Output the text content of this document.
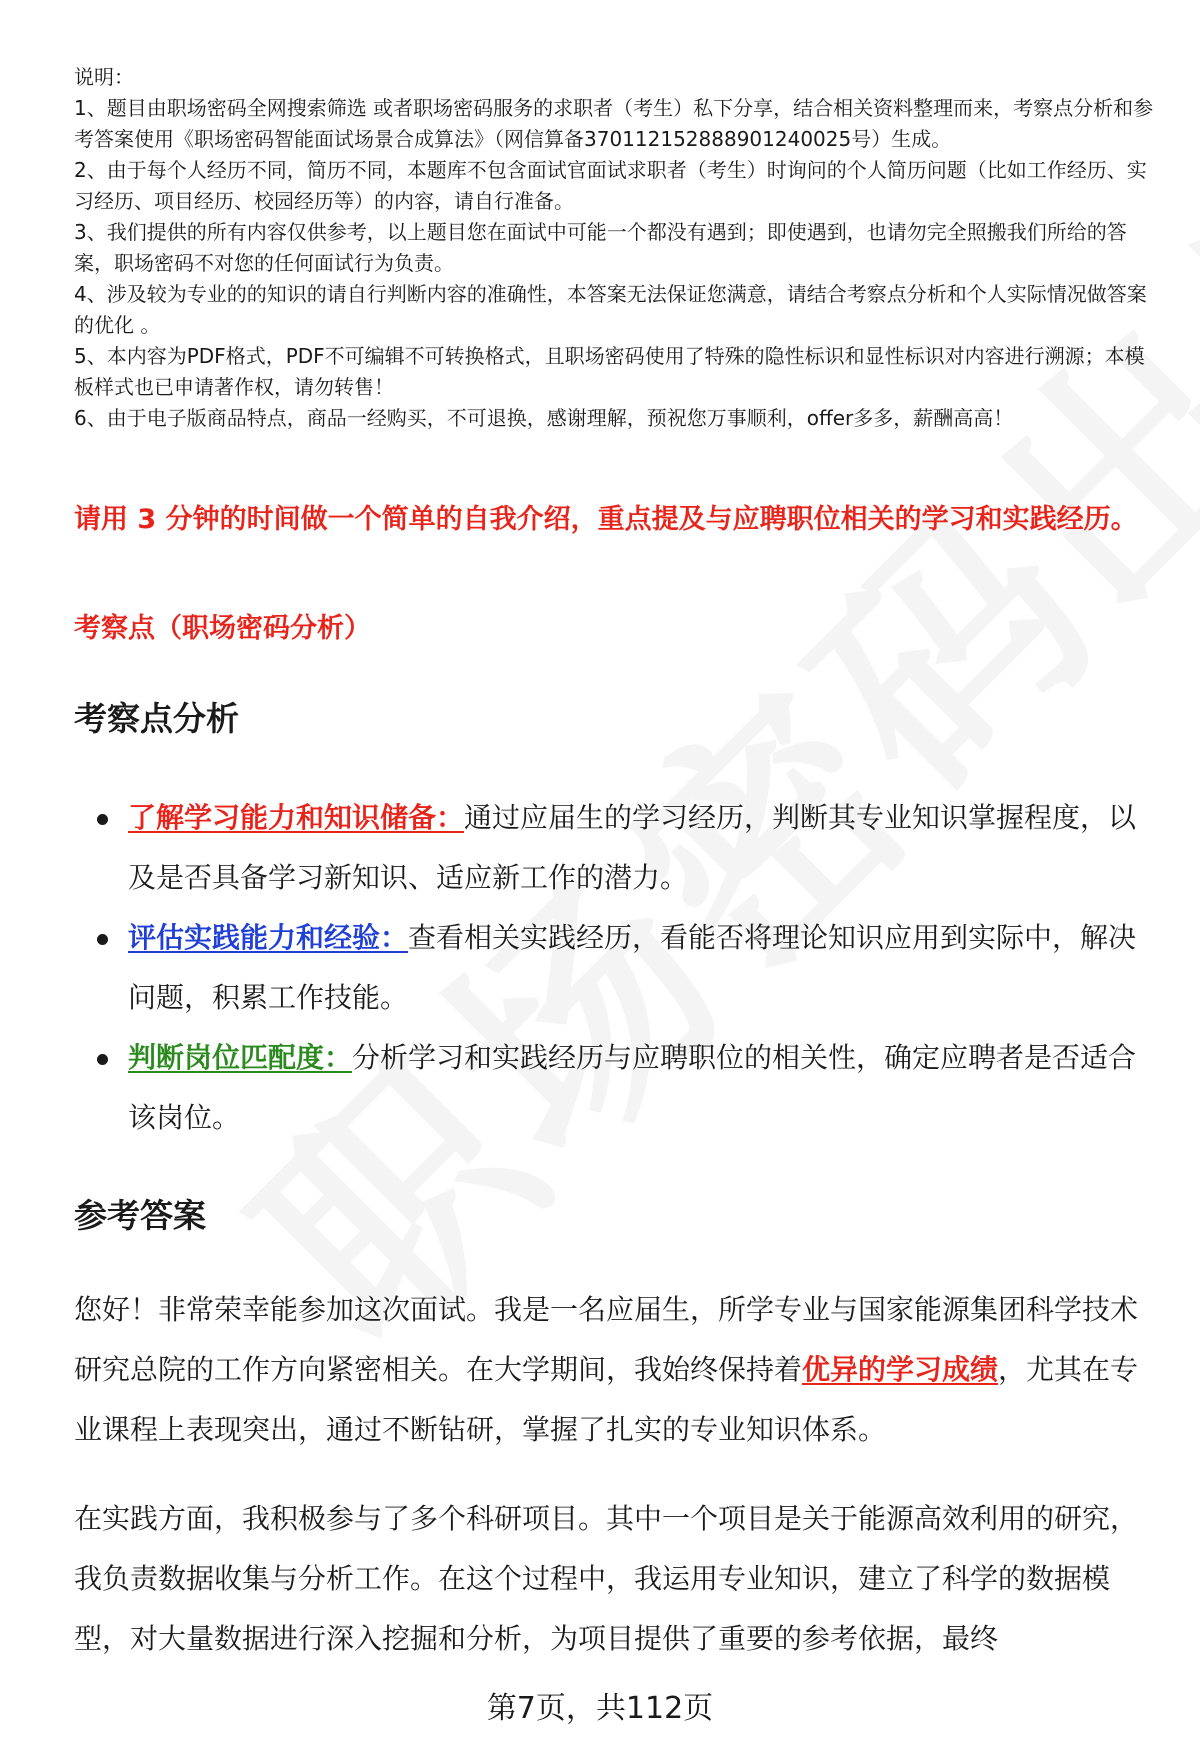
说明：

1、题目由职场密码全网搜索筛选 或者职场密码服务的求职者（考生）私下分享，结合相关资料整理而来，考察点分析和参考答案使用《职场密码智能面试场景合成算法》（网信算备370112152888901240025号）生成。

2、由于每个人经历不同，简历不同，本题库不包含面试官面试求职者（考生）时询问的个人简历问题（比如工作经历、实习经历、项目经历、校园经历等）的内容，请自行准备。

3、我们提供的所有内容仅供参考，以上题目您在面试中可能一个都没有遇到；即使遇到，也请勿完全照搬我们所给的答案，职场密码不对您的任何面试行为负责。

4、涉及较为专业的的知识的请自行判断内容的准确性，本答案无法保证您满意，请结合考察点分析和个人实际情况做答案的优化 。

5、本内容为PDF格式，PDF不可编辑不可转换格式，且职场密码使用了特殊的隐性标识和显性标识对内容进行溯源；本模板样式也已申请著作权，请勿转售！

6、由于电子版商品特点，商品一经购买，不可退换，感谢理解，预祝您万事顺利，offer多多，薪酬高高！

请用 3 分钟的时间做一个简单的自我介绍，重点提及与应聘职位相关的学习和实践经历。
考察点（职场密码分析）
考察点分析
了解学习能力和知识储备：通过应届生的学习经历，判断其专业知识掌握程度，以及是否具备学习新知识、适应新工作的潜力。
评估实践能力和经验：查看相关实践经历，看能否将理论知识应用到实际中，解决问题，积累工作技能。
判断岗位匹配度：分析学习和实践经历与应聘职位的相关性，确定应聘者是否适合该岗位。
参考答案
您好！非常荣幸能参加这次面试。我是一名应届生，所学专业与国家能源集团科学技术研究总院的工作方向紧密相关。在大学期间，我始终保持着优异的学习成绩，尤其在专业课程上表现突出，通过不断钻研，掌握了扎实的专业知识体系。
在实践方面，我积极参与了多个科研项目。其中一个项目是关于能源高效利用的研究，我负责数据收集与分析工作。在这个过程中，我运用专业知识，建立了科学的数据模型，对大量数据进行深入挖掘和分析，为项目提供了重要的参考依据，最终
第7页，共112页
